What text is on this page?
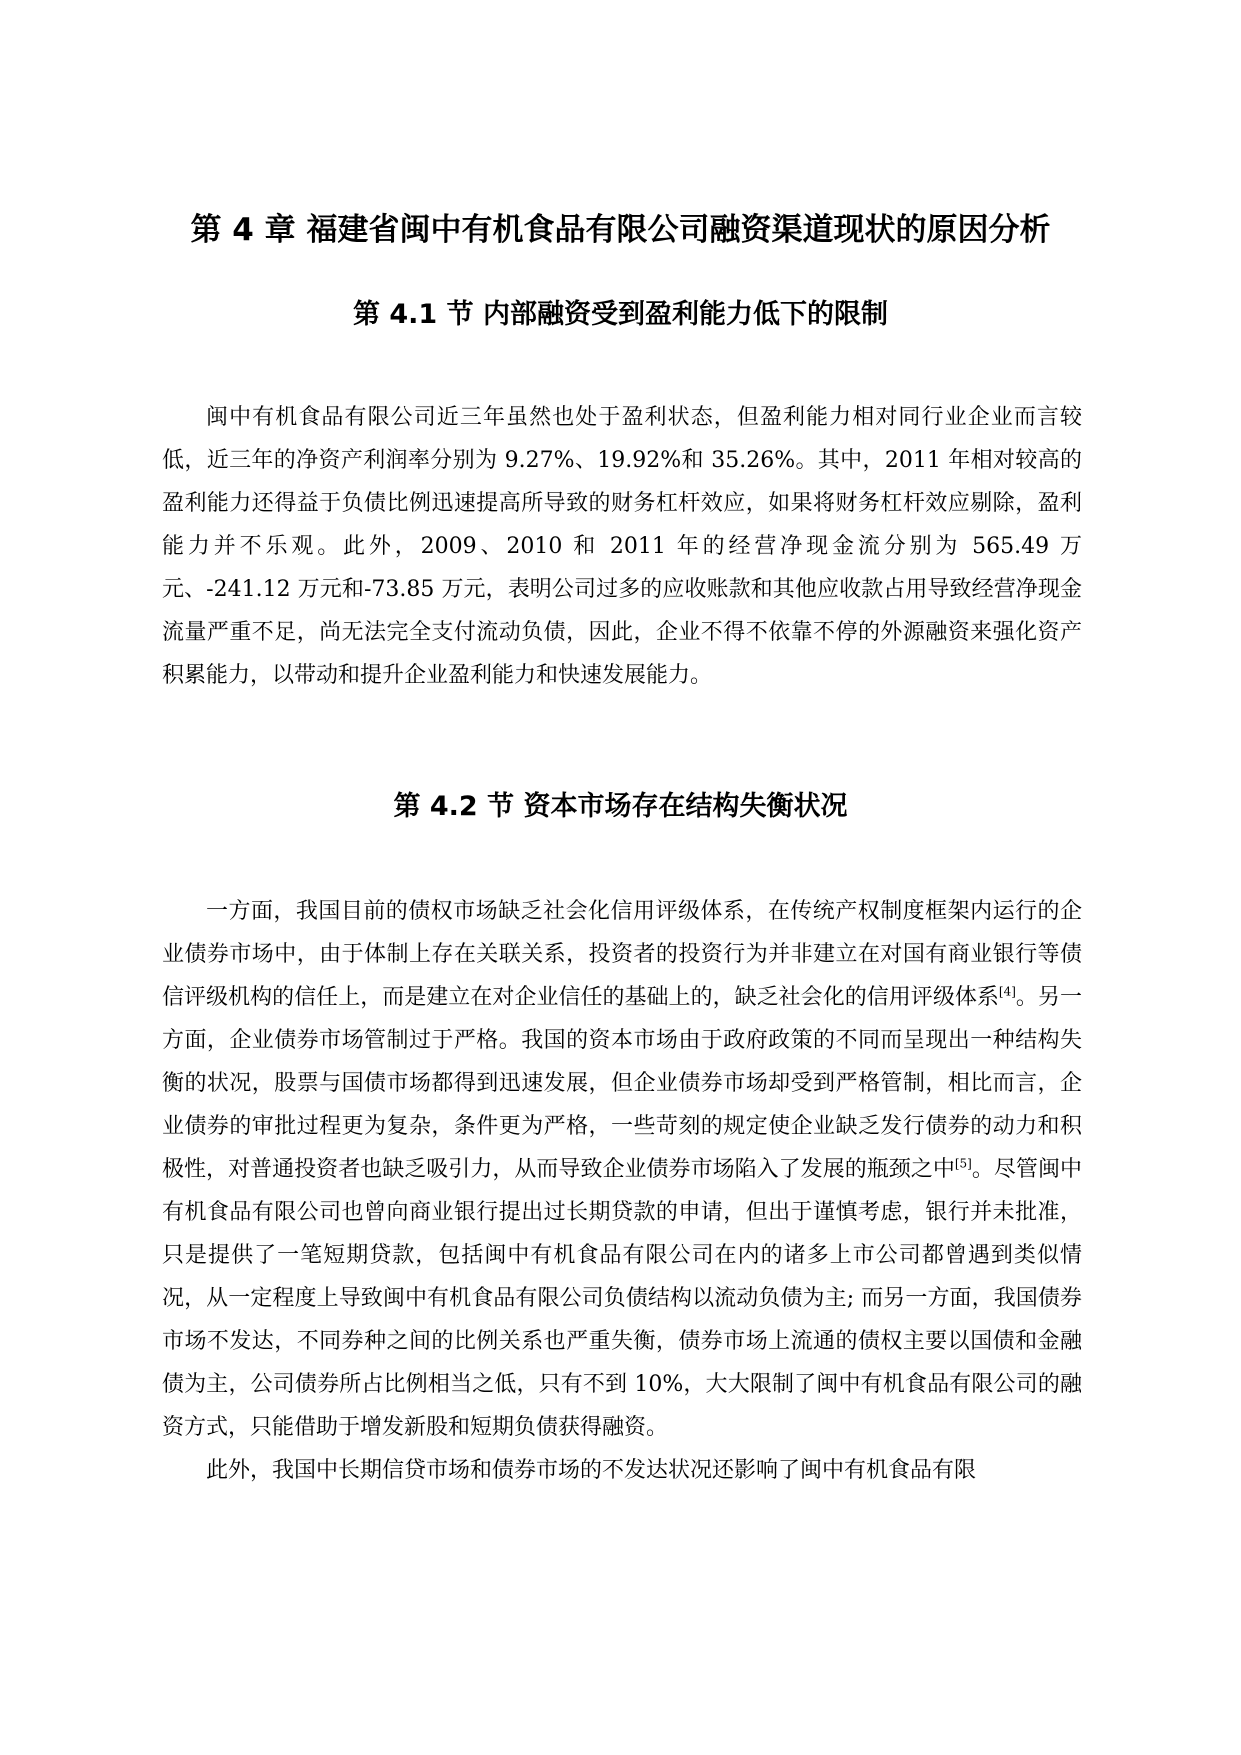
第 4 章 福建省闽中有机食品有限公司融资渠道现状的原因分析
第 4.1 节 内部融资受到盈利能力低下的限制

闽中有机食品有限公司近三年虽然也处于盈利状态，但盈利能力相对同行业企业而言较低，近三年的净资产利润率分别为 9.27%、19.92%和 35.26%。其中，2011 年相对较高的盈利能力还得益于负债比例迅速提高所导致的财务杠杆效应，如果将财务杠杆效应剔除，盈利能力并不乐观。此外，2009、2010 和 2011 年的经营净现金流分别为 565.49 万元、-241.12 万元和-73.85 万元，表明公司过多的应收账款和其他应收款占用导致经营净现金流量严重不足，尚无法完全支付流动负债，因此，企业不得不依靠不停的外源融资来强化资产积累能力，以带动和提升企业盈利能力和快速发展能力。

第 4.2 节 资本市场存在结构失衡状况

一方面，我国目前的债权市场缺乏社会化信用评级体系，在传统产权制度框架内运行的企业债券市场中，由于体制上存在关联关系，投资者的投资行为并非建立在对国有商业银行等债信评级机构的信任上，而是建立在对企业信任的基础上的，缺乏社会化的信用评级体系[4]。另一方面，企业债券市场管制过于严格。我国的资本市场由于政府政策的不同而呈现出一种结构失衡的状况，股票与国债市场都得到迅速发展，但企业债券市场却受到严格管制，相比而言，企业债券的审批过程更为复杂，条件更为严格，一些苛刻的规定使企业缺乏发行债券的动力和积极性，对普通投资者也缺乏吸引力，从而导致企业债券市场陷入了发展的瓶颈之中[5]。尽管闽中有机食品有限公司也曾向商业银行提出过长期贷款的申请，但出于谨慎考虑，银行并未批准，只是提供了一笔短期贷款，包括闽中有机食品有限公司在内的诸多上市公司都曾遇到类似情况，从一定程度上导致闽中有机食品有限公司负债结构以流动负债为主; 而另一方面，我国债券市场不发达，不同券种之间的比例关系也严重失衡，债券市场上流通的债权主要以国债和金融债为主，公司债券所占比例相当之低，只有不到 10%，大大限制了闽中有机食品有限公司的融资方式，只能借助于增发新股和短期负债获得融资。

此外，我国中长期信贷市场和债券市场的不发达状况还影响了闽中有机食品有限
